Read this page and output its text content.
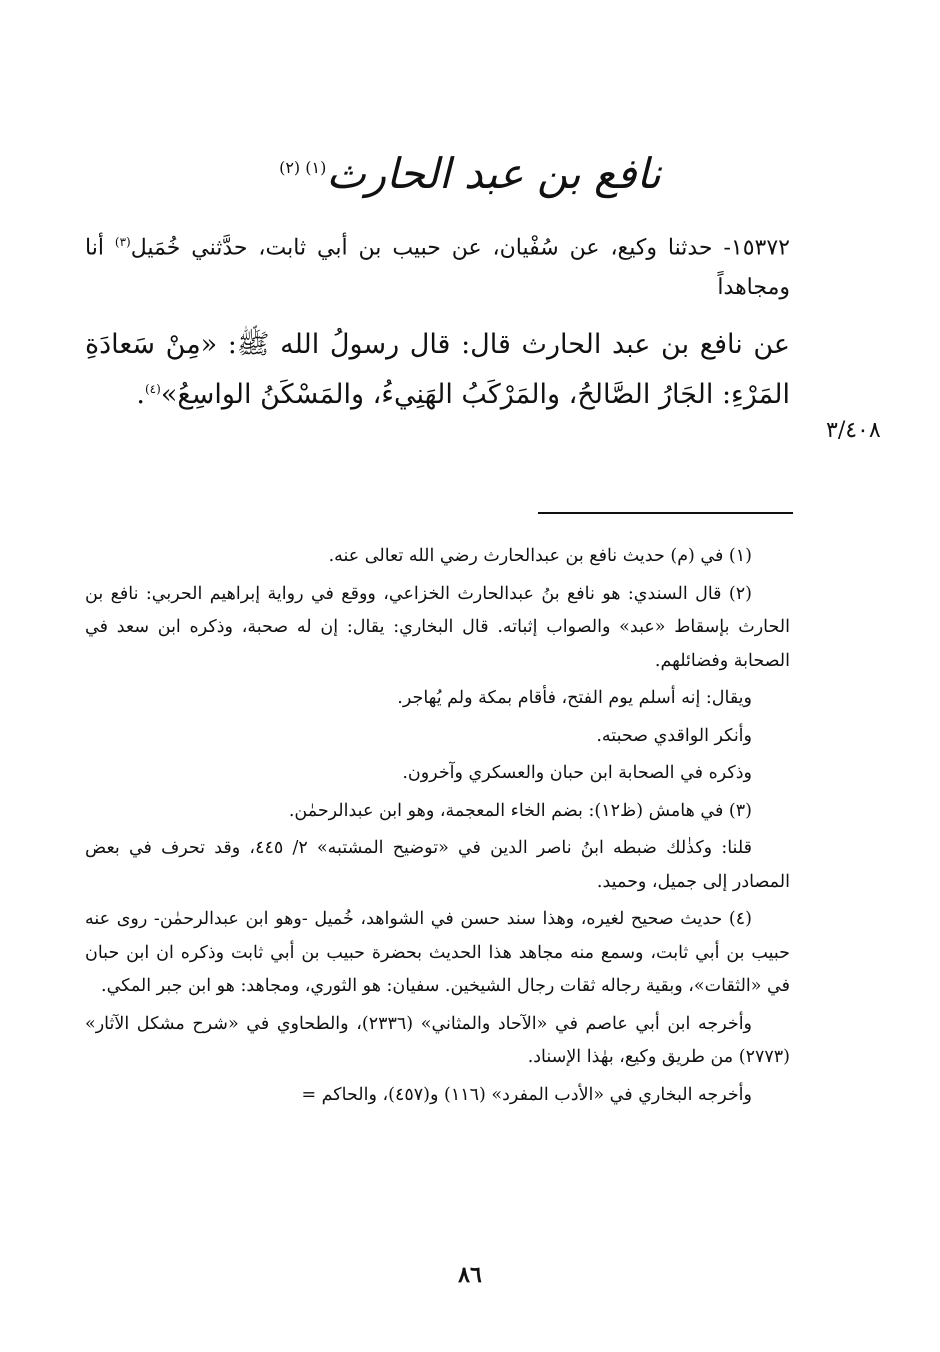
نافع بن عبد الحارث$^{(١) (٢)}$
١٥٣٧٢- حدثنا وكيع، عن سُفْيان، عن حبيب بن أبي ثابت، حدَّثني خُمَيل$^{(٣)}$ أنا ومجاهداً
عن نافع بن عبد الحارث قال: قال رسولُ الله ﷺ: «مِنْ سَعادَةِ المَرْءِ: الجَارُ الصَّالحُ، والمَرْكَبُ الهَنِيءُ، والمَسْكَنُ الواسِعُ»$^{(٤)}$.
٣/٤٠٨

(١) في (م) حديث نافع بن عبدالحارث رضي الله تعالى عنه.

(٢) قال السندي: هو نافع بنُ عبدالحارث الخزاعي، ووقع في رواية إبراهيم الحربي: نافع بن الحارث بإسقاط «عبد» والصواب إثباته. قال البخاري: يقال: إن له صحبة، وذكره ابن سعد في الصحابة وفضائلهم.

ويقال: إنه أسلم يوم الفتح، فأقام بمكة ولم يُهاجر.

وأنكر الواقدي صحبته.

وذكره في الصحابة ابن حبان والعسكري وآخرون.

(٣) في هامش (ظ١٢): بضم الخاء المعجمة، وهو ابن عبدالرحمٰن.

قلنا: وكذٰلك ضبطه ابنُ ناصر الدين في «توضيح المشتبه» ٢/ ٤٤٥، وقد تحرف في بعض المصادر إلى جميل، وحميد.

(٤) حديث صحيح لغيره، وهذا سند حسن في الشواهد، خُميل -وهو ابن عبدالرحمٰن- روى عنه حبيب بن أبي ثابت، وسمع منه مجاهد هذا الحديث بحضرة حبيب بن أبي ثابت وذكره ان ابن حبان في «الثقات»، وبقية رجاله ثقات رجال الشيخين. سفيان: هو الثوري، ومجاهد: هو ابن جبر المكي.

وأخرجه ابن أبي عاصم في «الآحاد والمثاني» (٢٣٣٦)، والطحاوي في «شرح مشكل الآثار» (٢٧٧٣) من طريق وكيع، بهٰذا الإسناد.

وأخرجه البخاري في «الأدب المفرد» (١١٦) و(٤٥٧)، والحاكم =

٨٦
